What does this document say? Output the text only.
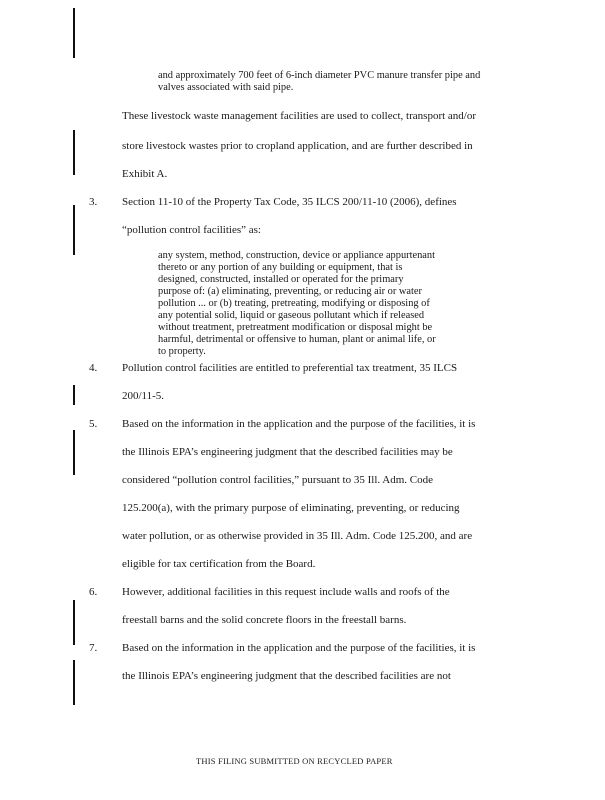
and approximately 700 feet of 6-inch diameter PVC manure transfer pipe and
valves associated with said pipe.
These livestock waste management facilities are used to collect, transport and/or
store livestock wastes prior to cropland application, and are further described in
Exhibit A.
3. Section 11-10 of the Property Tax Code, 35 ILCS 200/11-10 (2006), defines
“pollution control facilities” as:
any system, method, construction, device or appliance appurtenant
thereto or any portion of any building or equipment, that is
designed, constructed, installed or operated for the primary
purpose of: (a) eliminating, preventing, or reducing air or water
pollution ... or (b) treating, pretreating, modifying or disposing of
any potential solid, liquid or gaseous pollutant which if released
without treatment, pretreatment modification or disposal might be
harmful, detrimental or offensive to human, plant or animal life, or
to property.
4. Pollution control facilities are entitled to preferential tax treatment, 35 ILCS
200/11-5.
5. Based on the information in the application and the purpose of the facilities, it is
the Illinois EPA’s engineering judgment that the described facilities may be
considered “pollution control facilities,” pursuant to 35 Ill. Adm. Code
125.200(a), with the primary purpose of eliminating, preventing, or reducing
water pollution, or as otherwise provided in 35 Ill. Adm. Code 125.200, and are
eligible for tax certification from the Board.
6. However, additional facilities in this request include walls and roofs of the
freestall barns and the solid concrete floors in the freestall barns.
7. Based on the information in the application and the purpose of the facilities, it is
the Illinois EPA’s engineering judgment that the described facilities are not
THIS FILING SUBMITTED ON RECYCLED PAPER
